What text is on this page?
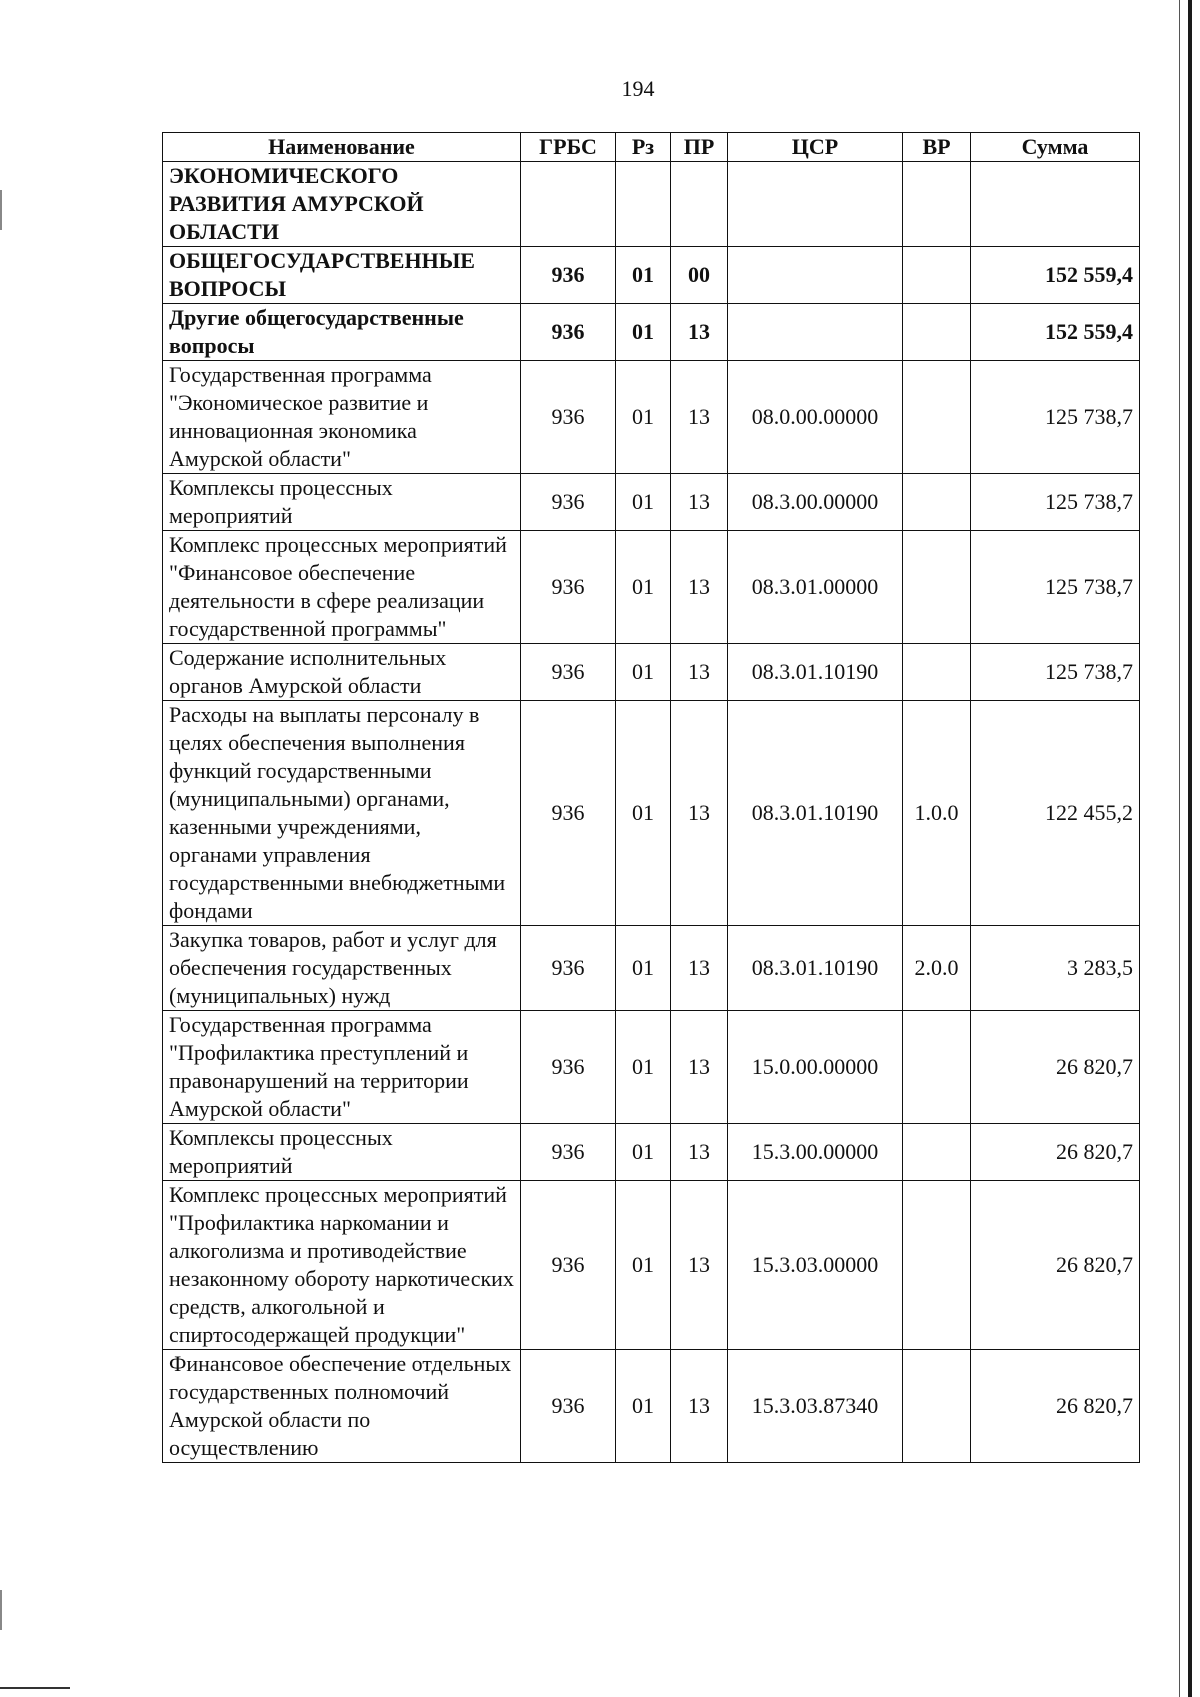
194
Наименование	ГРБС	Рз	ПР	ЦСР	ВР	Сумма
ЭКОНОМИЧЕСКОГО РАЗВИТИЯ АМУРСКОЙ ОБЛАСТИ						
ОБЩЕГОСУДАРСТВЕННЫЕ ВОПРОСЫ	936	01	00			152 559,4
Другие общегосударственные вопросы	936	01	13			152 559,4
Государственная программа "Экономическое развитие и инновационная экономика Амурской области"	936	01	13	08.0.00.00000		125 738,7
Комплексы процессных мероприятий	936	01	13	08.3.00.00000		125 738,7
Комплекс процессных мероприятий "Финансовое обеспечение деятельности в сфере реализации государственной программы"	936	01	13	08.3.01.00000		125 738,7
Содержание исполнительных органов Амурской области	936	01	13	08.3.01.10190		125 738,7
Расходы на выплаты персоналу в целях обеспечения выполнения функций государственными (муниципальными) органами, казенными учреждениями, органами управления государственными внебюджетными фондами	936	01	13	08.3.01.10190	1.0.0	122 455,2
Закупка товаров, работ и услуг для обеспечения государственных (муниципальных) нужд	936	01	13	08.3.01.10190	2.0.0	3 283,5
Государственная программа "Профилактика преступлений и правонарушений на территории Амурской области"	936	01	13	15.0.00.00000		26 820,7
Комплексы процессных мероприятий	936	01	13	15.3.00.00000		26 820,7
Комплекс процессных мероприятий "Профилактика наркомании и алкоголизма и противодействие незаконному обороту наркотических средств, алкогольной и спиртосодержащей продукции"	936	01	13	15.3.03.00000		26 820,7
Финансовое обеспечение отдельных государственных полномочий Амурской области по осуществлению	936	01	13	15.3.03.87340		26 820,7
